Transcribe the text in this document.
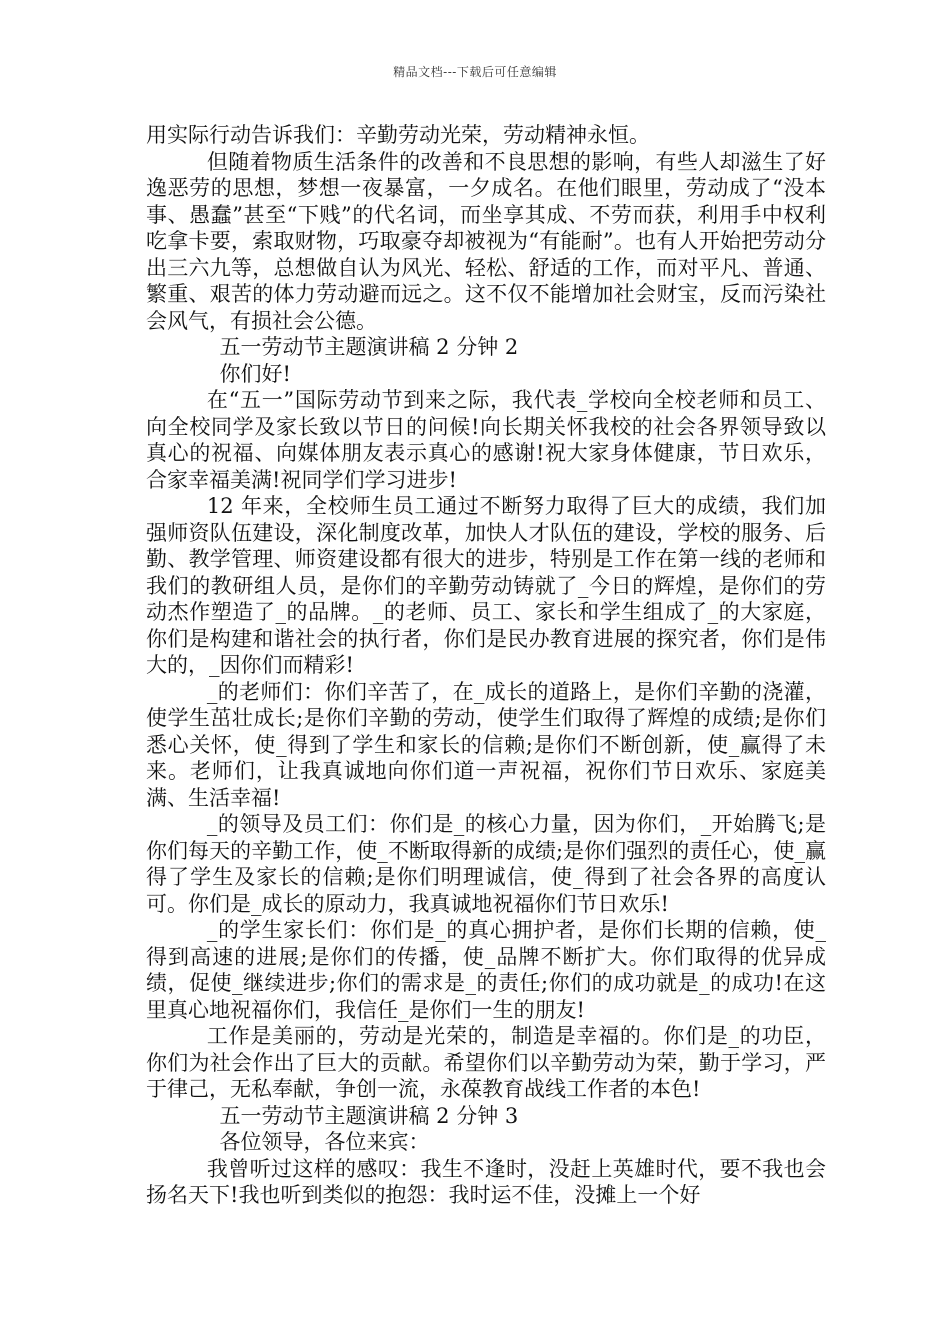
精品文档---下载后可任意编辑

用实际行动告诉我们：辛勤劳动光荣，劳动精神永恒。

但随着物质生活条件的改善和不良思想的影响，有些人却滋生了好逸恶劳的思想，梦想一夜暴富，一夕成名。在他们眼里，劳动成了“没本事、愚蠢”甚至“下贱”的代名词，而坐享其成、不劳而获，利用手中权利吃拿卡要，索取财物，巧取豪夺却被视为“有能耐”。也有人开始把劳动分出三六九等，总想做自认为风光、轻松、舒适的工作，而对平凡、普通、繁重、艰苦的体力劳动避而远之。这不仅不能增加社会财宝，反而污染社会风气，有损社会公德。

五一劳动节主题演讲稿 2 分钟 2

你们好!

在“五一”国际劳动节到来之际，我代表_学校向全校老师和员工、向全校同学及家长致以节日的问候!向长期关怀我校的社会各界领导致以真心的祝福、向媒体朋友表示真心的感谢!祝大家身体健康，节日欢乐，合家幸福美满!祝同学们学习进步!

12 年来，全校师生员工通过不断努力取得了巨大的成绩，我们加强师资队伍建设，深化制度改革，加快人才队伍的建设，学校的服务、后勤、教学管理、师资建设都有很大的进步，特别是工作在第一线的老师和我们的教研组人员，是你们的辛勤劳动铸就了_今日的辉煌，是你们的劳动杰作塑造了_的品牌。_的老师、员工、家长和学生组成了_的大家庭，你们是构建和谐社会的执行者，你们是民办教育进展的探究者，你们是伟大的，_因你们而精彩!

_的老师们：你们辛苦了，在_成长的道路上，是你们辛勤的浇灌，使学生茁壮成长;是你们辛勤的劳动，使学生们取得了辉煌的成绩;是你们悉心关怀，使_得到了学生和家长的信赖;是你们不断创新，使_赢得了未来。老师们，让我真诚地向你们道一声祝福，祝你们节日欢乐、家庭美满、生活幸福!

_的领导及员工们：你们是_的核心力量，因为你们，_开始腾飞;是你们每天的辛勤工作，使_不断取得新的成绩;是你们强烈的责任心，使_赢得了学生及家长的信赖;是你们明理诚信，使_得到了社会各界的高度认可。你们是_成长的原动力，我真诚地祝福你们节日欢乐!

_的学生家长们：你们是_的真心拥护者，是你们长期的信赖，使_得到高速的进展;是你们的传播，使_品牌不断扩大。你们取得的优异成绩，促使_继续进步;你们的需求是_的责任;你们的成功就是_的成功!在这里真心地祝福你们，我信任_是你们一生的朋友!

工作是美丽的，劳动是光荣的，制造是幸福的。你们是_的功臣，你们为社会作出了巨大的贡献。希望你们以辛勤劳动为荣，勤于学习，严于律己，无私奉献，争创一流，永葆教育战线工作者的本色!

五一劳动节主题演讲稿 2 分钟 3

各位领导，各位来宾：

我曾听过这样的感叹：我生不逢时，没赶上英雄时代，要不我也会扬名天下!我也听到类似的抱怨：我时运不佳，没摊上一个好
